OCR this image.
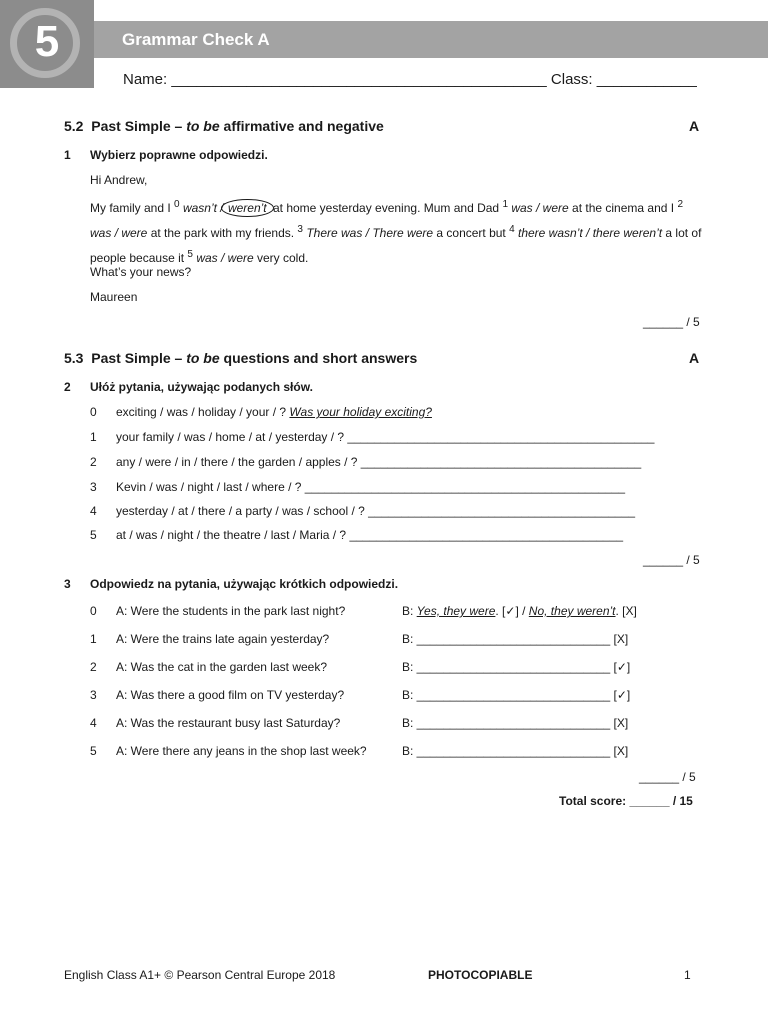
5	Grammar Check A
Name: _____________________________________________ Class: ____________
5.2 Past Simple – to be affirmative and negative	A
1 Wybierz poprawne odpowiedzi.
Hi Andrew,
My family and I $^0$ wasn’t / weren’t at home yesterday evening. Mum and Dad $^1$ was / were at the cinema and I $^2$ was / were at the park with my friends. $^3$ There was / There were a concert but $^4$ there wasn’t / there weren’t a lot of people because it $^5$ was / were very cold.
What’s your news?
Maureen
______ / 5
5.3 Past Simple – to be questions and short answers	A
2 Ułóż pytania, używając podanych słów.
0 exciting / was / holiday / your / ? Was your holiday exciting?
1 your family / was / home / at / yesterday / ? ______________________________________________
2 any / were / in / there / the garden / apples / ? __________________________________________
3 Kevin / was / night / last / where / ? ________________________________________________
4 yesterday / at / there / a party / was / school / ? ________________________________________
5 at / was / night / the theatre / last / Maria / ? _________________________________________
______ / 5
3 Odpowiedz na pytania, używając krótkich odpowiedzi.
0 A: Were the students in the park last night?	B: Yes, they were. [✓] / No, they weren’t. [X]
1 A: Were the trains late again yesterday?	B: _____________________________ [X]
2 A: Was the cat in the garden last week?	B: _____________________________ [✓]
3 A: Was there a good film on TV yesterday?	B: _____________________________ [✓]
4 A: Was the restaurant busy last Saturday?	B: _____________________________ [X]
5 A: Were there any jeans in the shop last week?	B: _____________________________ [X]
______ / 5
Total score: ______ / 15
English Class A1+ © Pearson Central Europe 2018	PHOTOCOPIABLE	1
